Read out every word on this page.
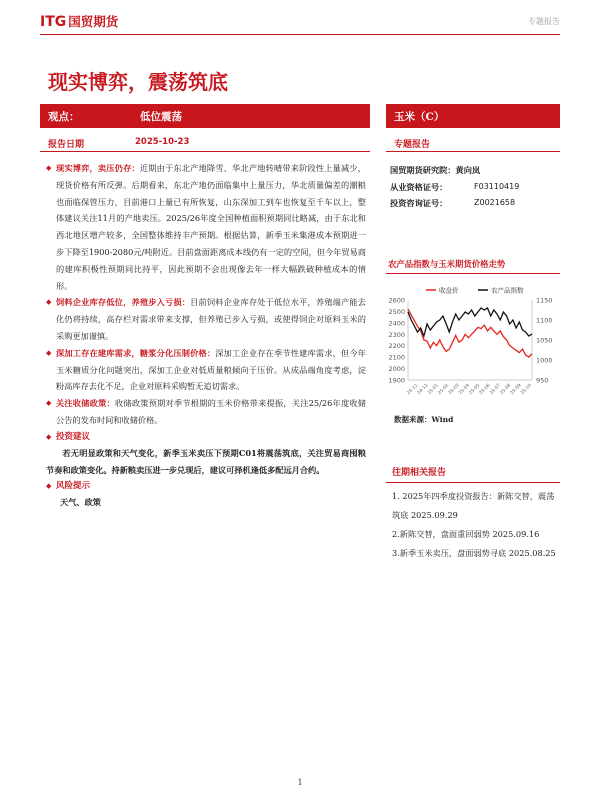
ITG 国贸期货	专题报告
现实博弈，震荡筑底
观点：	低位震荡
报告日期	2025-10-23
◆ 现实博弈，卖压仍存：近期由于东北产地降雪、华北产地转晴带来阶段性上量减少，现货价格有所反弹。后期看来，东北产地仍面临集中上量压力，华北质量偏差的潮粮也面临保管压力，目前港口上量已有所恢复，山东深加工到车也恢复至千车以上，整体建议关注11月的产地卖压。2025/26年度全国种植面积预期同比略减，由于东北和西北地区增产较多，全国整体维持丰产预期。根据估算，新季玉米集港成本预期进一步下降至1900-2080元/吨附近。目前盘面距离成本线仍有一定的空间，但今年贸易商的建库积极性预期同比持平，因此预期不会出现像去年一样大幅跌破种植成本的情形。
◆ 饲料企业库存低位，养殖步入亏损：目前饲料企业库存处于低位水平，养殖端产能去化仍将持续，高存栏对需求带来支撑，但养殖已步入亏损，或使得饲企对原料玉米的采购更加谨慎。
◆ 深加工存在建库需求，糖浆分化压制价格：深加工企业存在季节性建库需求，但今年玉米糖质分化问题突出，深加工企业对低质量粮倾向于压价。从成品端角度考虑，淀粉高库存去化不足，企业对原料采购暂无追切需求。
◆ 关注收储政策：收储政策预期对季节根期的玉米价格带来提振，关注25/26年度收储公告的发布时间和收储价格。
◆ 投资建议
若无明显政策和天气变化，新季玉米卖压下预期C01将震荡筑底，关注贸易商囤粮节奏和政策变化。持新粮卖压进一步兑现后，建议可择机逢低多配远月合约。
◆ 风险提示
天气、政策
玉米（C）
专题报告
国贸期货研究院：黄向岚
从业资格证号：	F03110419
投资咨询证号：	Z0021658
农产品指数与玉米期货价格走势
1900
2000
2100
2200
2300
2400
2500
2600
950
1000
1050
1100
1150
24-11
24-12
25-01
25-02
25-03
25-04
25-05
25-06
25-07
25-08
25-09
25-10
收盘价	农产品指数
数据来源：Wind
往期相关报告
1. 2025年四季度投资报告：新陈交替，震荡筑底 2025.09.29
2.新陈交替，盘面重回弱势 2025.09.16
3.新季玉米卖压，盘面弱势寻底 2025.08.25
1
